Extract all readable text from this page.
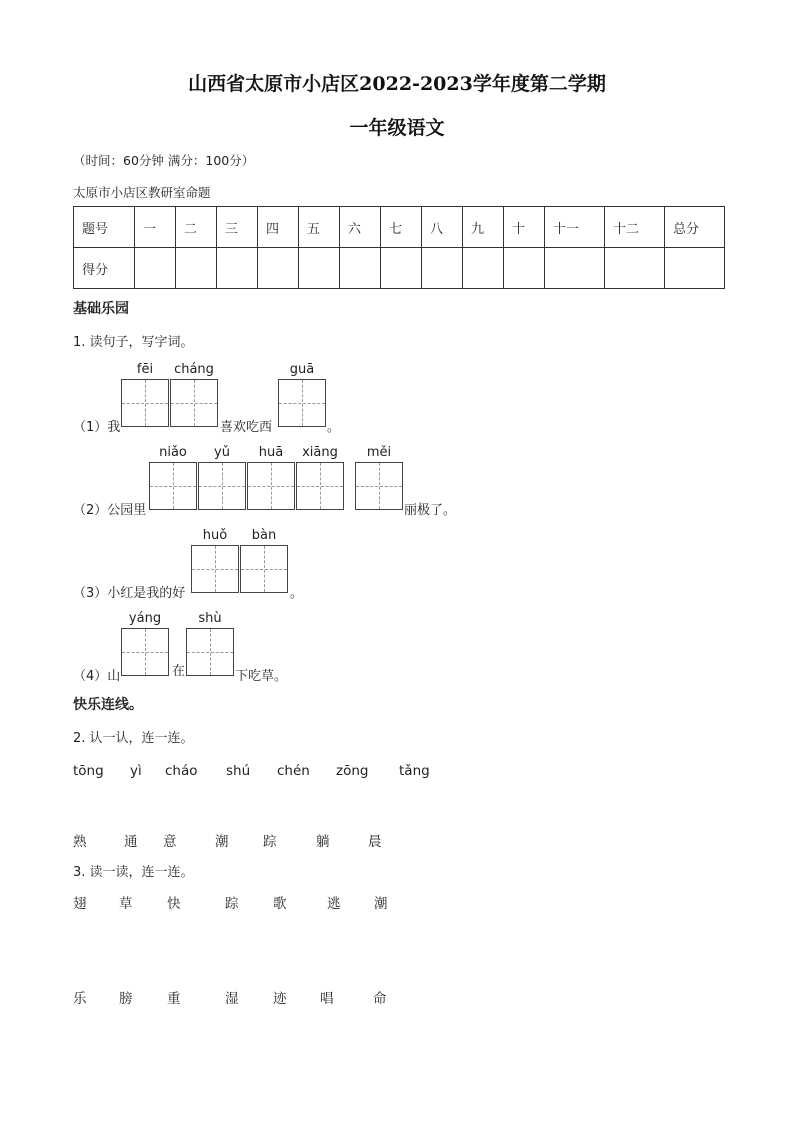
山西省太原市小店区2022-2023学年度第二学期
一年级语文
（时间：60分钟 满分：100分）
太原市小店区教研室命题
题号	一	二	三	四	五	六	七	八	九	十	十一	十二	总分
得分													
基础乐园
1. 读句子，写字词。
（1）我
fēi	cháng
喜欢吃西
guā
。
（2）公园里
niǎo	yǔ	huā	xiāng	měi
丽极了。
（3）小红是我的好
huǒ	bàn
。
（4）山
yáng
在
shù
下吃草。
快乐连线。
2. 认一认，连一连。
tōng yì cháo shú chén zōng tǎng
熟	通 意	潮	踪	躺	晨
3. 读一读，连一连。
翅 草	快	踪	歌	逃 潮
乐 膀	重	湿	迹 唱	命
